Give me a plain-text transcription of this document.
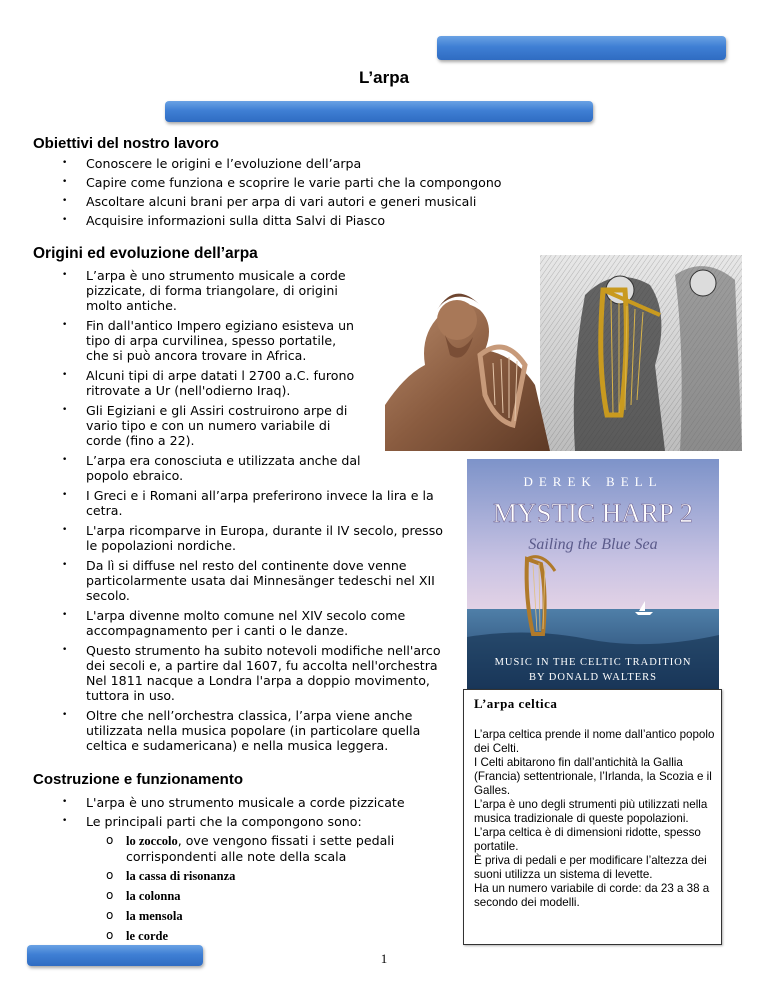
L’arpa
Obiettivi del nostro lavoro
• Conoscere le origini e l’evoluzione dell’arpa
• Capire come funziona e scoprire le varie parti che la compongono
• Ascoltare alcuni brani per arpa di vari autori e generi musicali
• Acquisire informazioni sulla ditta Salvi di Piasco
Origini ed evoluzione dell’arpa
• L’arpa è uno strumento musicale a corde pizzicate, di forma triangolare, di origini molto antiche.
• Fin dall'antico Impero egiziano esisteva un tipo di arpa curvilinea, spesso portatile, che si può ancora trovare in Africa.
• Alcuni tipi di arpe datati l 2700 a.C. furono ritrovate a Ur (nell'odierno Iraq).
• Gli Egiziani e gli Assiri costruirono arpe di vario tipo e con un numero variabile di corde (fino a 22).
• L’arpa era conosciuta e utilizzata anche dal popolo ebraico.
• I Greci e i Romani all’arpa preferirono invece la lira e la cetra.
• L'arpa ricomparve in Europa, durante il IV secolo, presso le popolazioni nordiche.
• Da lì si diffuse nel resto del continente dove venne particolarmente usata dai Minnesänger tedeschi nel XII secolo.
• L'arpa divenne molto comune nel XIV secolo come accompagnamento per i canti o le danze.
• Questo strumento ha subito notevoli modifiche nell'arco dei secoli e, a partire dal 1607, fu accolta nell'orchestra Nel 1811 nacque a Londra l'arpa a doppio movimento, tuttora in uso.
• Oltre che nell’orchestra classica, l’arpa viene anche utilizzata nella musica popolare (in particolare quella celtica e sudamericana) e nella musica leggera.
DEREK BELL
MYSTIC HARP 2
Sailing the Blue Sea
MUSIC IN THE CELTIC TRADITION
BY DONALD WALTERS
L’arpa celtica

L’arpa celtica prende il nome dall’antico popolo dei Celti.

I Celti abitarono fin dall’antichità la Gallia (Francia) settentrionale, l’Irlanda, la Scozia e il Galles.

L’arpa è uno degli strumenti più utilizzati nella musica tradizionale di queste popolazioni.

L’arpa celtica è di dimensioni ridotte, spesso portatile.

È priva di pedali e per modificare l’altezza dei suoni utilizza un sistema di levette.

Ha un numero variabile di corde: da 23 a 38 a secondo dei modelli.

Costruzione e funzionamento
• L'arpa è uno strumento musicale a corde pizzicate
• Le principali parti che la compongono sono:
o lo zoccolo, ove vengono fissati i sette pedali corrispondenti alle note della scala
o la cassa di risonanza
o la colonna
o la mensola
o le corde
1
